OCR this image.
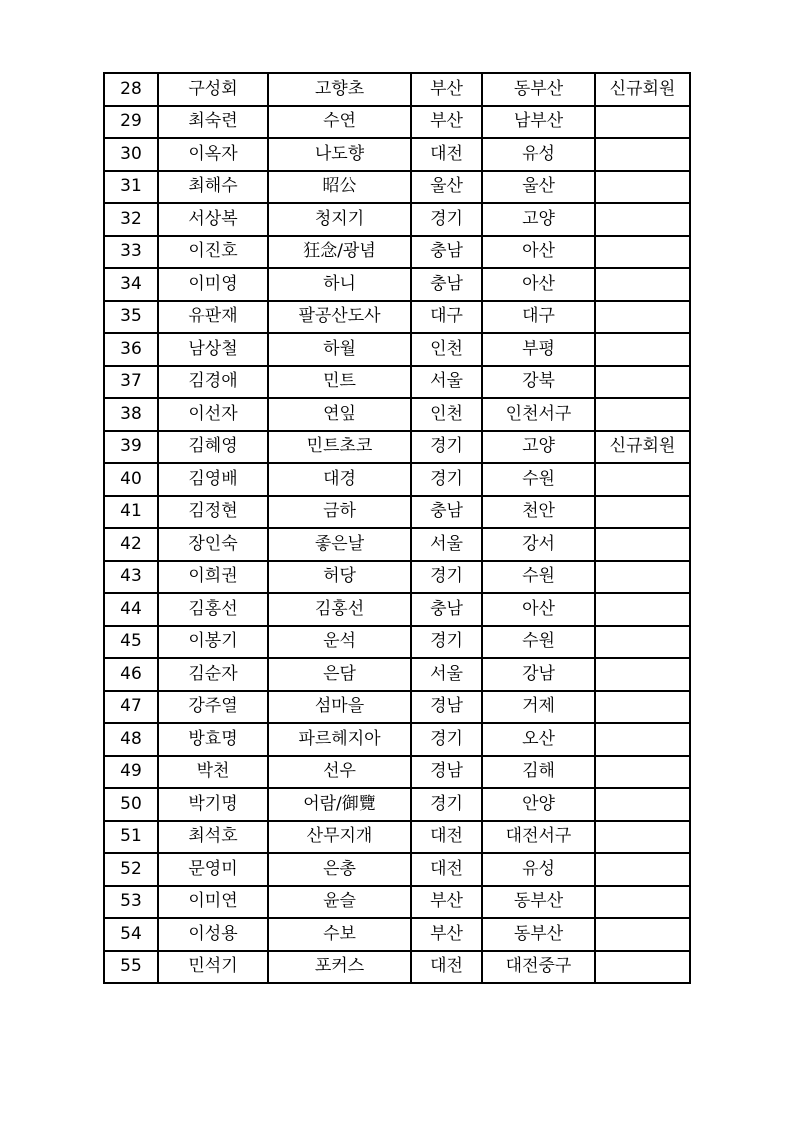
28	구성회	고향초	부산	동부산	신규회원
29	최숙련	수연	부산	남부산	
30	이옥자	나도향	대전	유성	
31	최해수	昭公	울산	울산	
32	서상복	청지기	경기	고양	
33	이진호	狂念/광념	충남	아산	
34	이미영	하니	충남	아산	
35	유판재	팔공산도사	대구	대구	
36	남상철	하월	인천	부평	
37	김경애	민트	서울	강북	
38	이선자	연잎	인천	인천서구	
39	김혜영	민트초코	경기	고양	신규회원
40	김영배	대경	경기	수원	
41	김정현	금하	충남	천안	
42	장인숙	좋은날	서울	강서	
43	이희권	허당	경기	수원	
44	김홍선	김홍선	충남	아산	
45	이봉기	운석	경기	수원	
46	김순자	은담	서울	강남	
47	강주열	섬마을	경남	거제	
48	방효명	파르헤지아	경기	오산	
49	박천	선우	경남	김해	
50	박기명	어람/御覽	경기	안양	
51	최석호	산무지개	대전	대전서구	
52	문영미	은총	대전	유성	
53	이미연	윤슬	부산	동부산	
54	이성용	수보	부산	동부산	
55	민석기	포커스	대전	대전중구	
